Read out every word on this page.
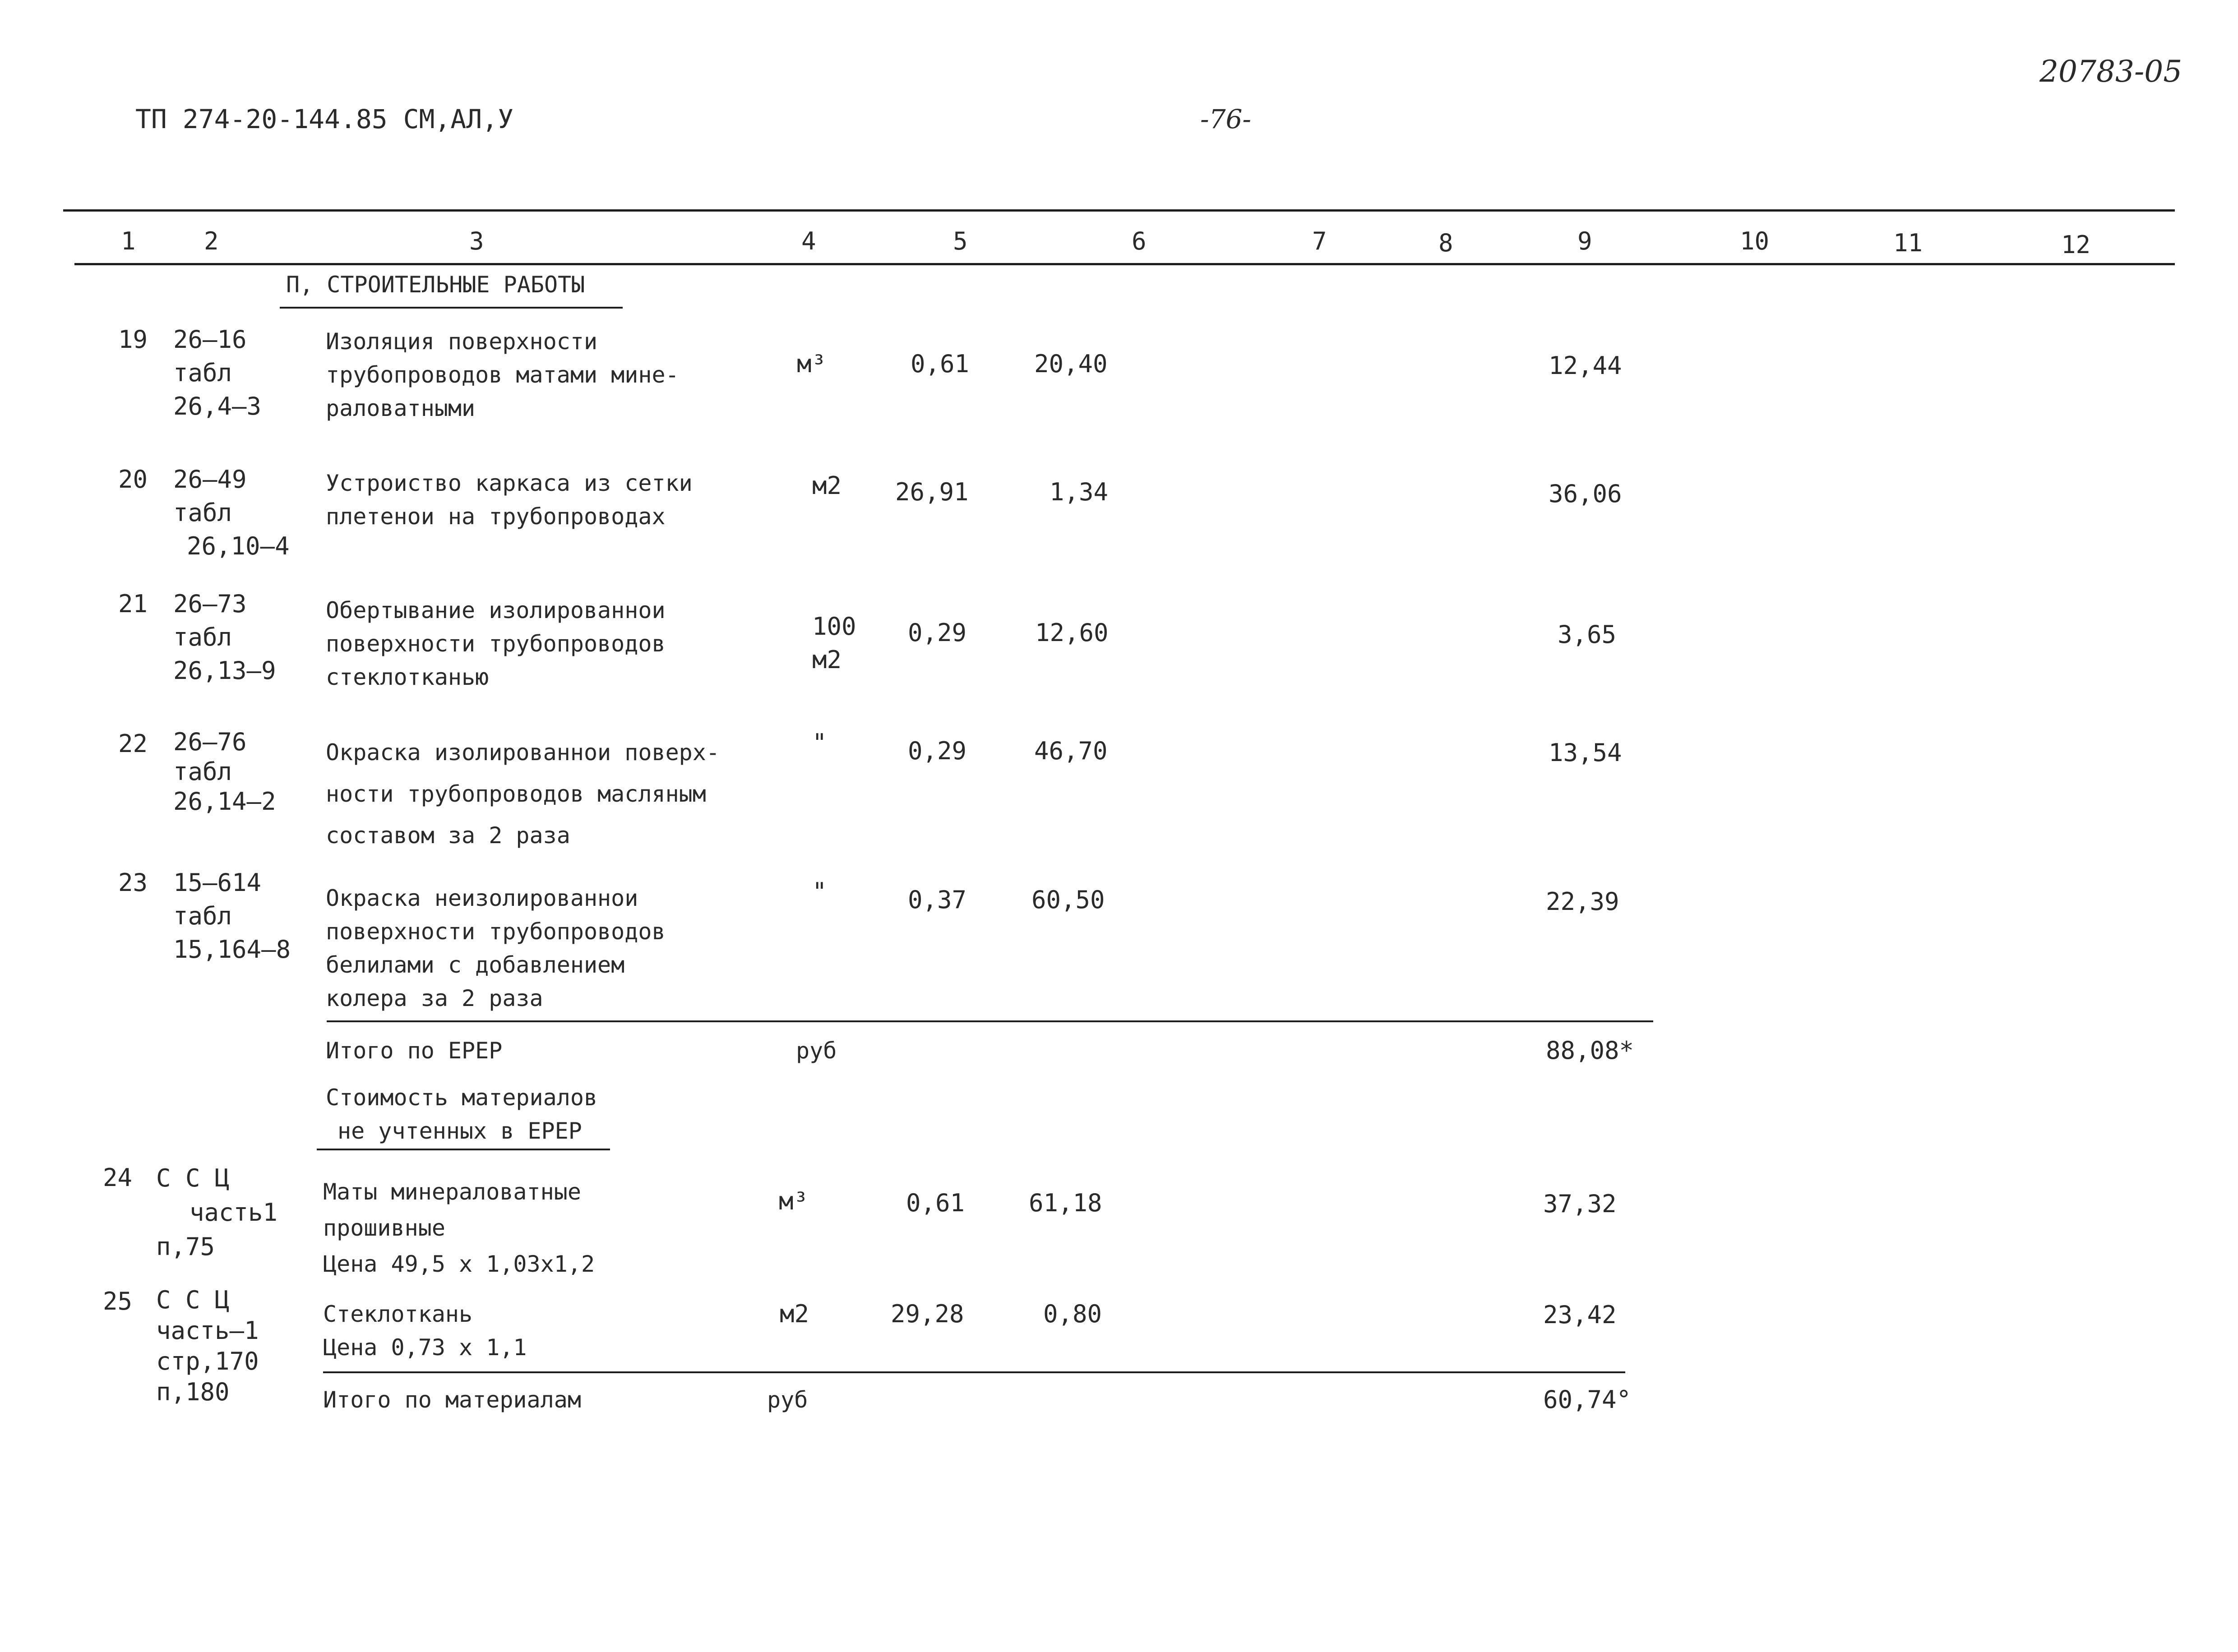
ТП 274-20-144.85 СМ,АЛ,У	-76-
20783-05
1	2	3	4	5	6	7	8	9	10	11	12
П, СТРОИТЕЛЬНЫЕ РАБОТЫ
19 26–16
табл
26,4–3
Изоляция поверхности
трубопроводов матами мине-
раловатными
м³	0,61	20,40	12,44
20 26–49
табл
26,10–4
Устроиство каркаса из сетки
плетенои на трубопроводах
м2 26,91	1,34	36,06
21 26–73
табл
26,13–9
Обертывание изолированнои
поверхности трубопроводов
стеклотканью
100
м2
0,29	12,60	3,65
22 26–76
табл
26,14–2
Окраска изолированнои поверх-
ности трубопроводов масляным
составом за 2 раза
"	0,29	46,70	13,54
23 15–614
табл
15,164–8
Окраска неизолированнои
поверхности трубопроводов
белилами с добавлением
колера за 2 раза
"	0,37	60,50	22,39
Итого по ЕРЕР	руб	88,08*
Стоимость материалов
не учтенных в ЕРЕР
24 С С Ц
часть1
п,75
Маты минераловатные
прошивные
Цена 49,5 х 1,03х1,2
м³	0,61	61,18	37,32
25 С С Ц
часть–1
стр,170
п,180
Стеклоткань
Цена 0,73 х 1,1
м2	29,28	0,80	23,42
Итого по материалам	руб	60,74°
